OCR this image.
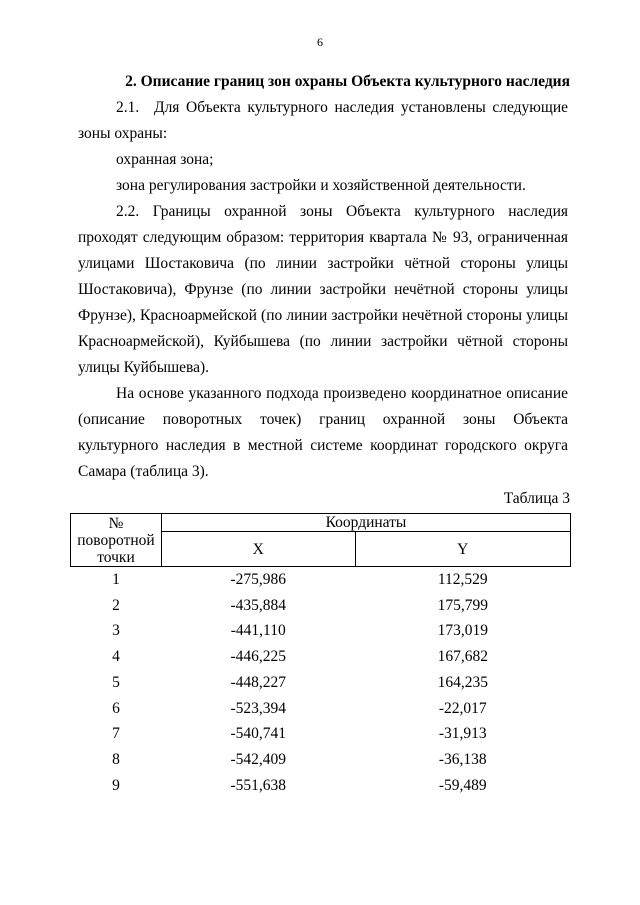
6
2. Описание границ зон охраны Объекта культурного наследия
2.1. Для Объекта культурного наследия установлены следующие зоны охраны:
охранная зона;
зона регулирования застройки и хозяйственной деятельности.
2.2. Границы охранной зоны Объекта культурного наследия проходят следующим образом: территория квартала № 93, ограниченная улицами Шостаковича (по линии застройки чётной стороны улицы Шостаковича), Фрунзе (по линии застройки нечётной стороны улицы Фрунзе), Красноармейской (по линии застройки нечётной стороны улицы Красноармейской), Куйбышева (по линии застройки чётной стороны улицы Куйбышева).
На основе указанного подхода произведено координатное описание (описание поворотных точек) границ охранной зоны Объекта культурного наследия в местной системе координат городского округа Самара (таблица 3).
Таблица 3
№ поворотной точки	Координаты	
	X	Y
1	-275,986	112,529
2	-435,884	175,799
3	-441,110	173,019
4	-446,225	167,682
5	-448,227	164,235
6	-523,394	-22,017
7	-540,741	-31,913
8	-542,409	-36,138
9	-551,638	-59,489
